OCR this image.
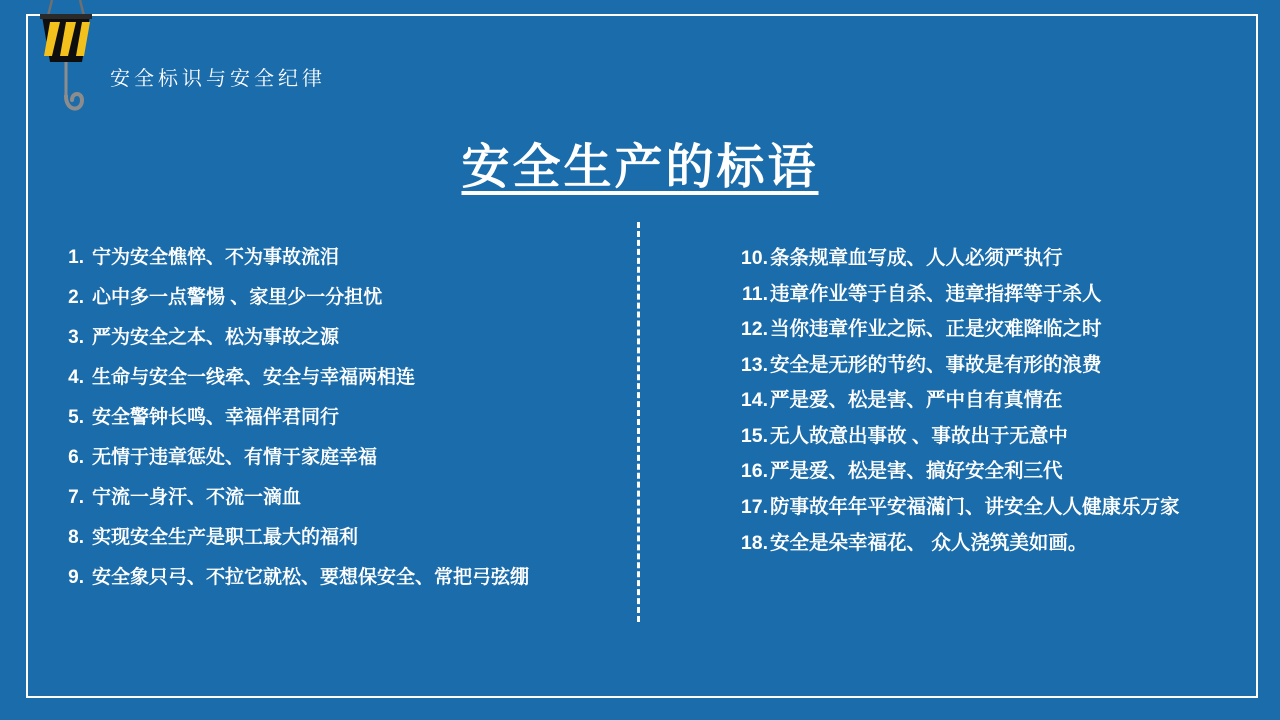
安全标识与安全纪律
安全生产的标语
1. 宁为安全憔悴、不为事故流泪
2. 心中多一点警惕 、家里少一分担忧
3. 严为安全之本、松为事故之源
4. 生命与安全一线牵、安全与幸福两相连
5. 安全警钟长鸣、幸福伴君同行
6. 无情于违章惩处、有情于家庭幸福
7. 宁流一身汗、不流一滴血
8. 实现安全生产是职工最大的福利
9. 安全象只弓、不拉它就松、要想保安全、常把弓弦绷
10. 条条规章血写成、人人必须严执行
11. 违章作业等于自杀、违章指挥等于杀人
12. 当你违章作业之际、正是灾难降临之时
13. 安全是无形的节约、事故是有形的浪费
14. 严是爱、松是害、严中自有真情在
15. 无人故意出事故 、事故出于无意中
16. 严是爱、松是害、搞好安全利三代
17. 防事故年年平安福滿门、讲安全人人健康乐万家
18. 安全是朵幸福花、 众人浇筑美如画。
